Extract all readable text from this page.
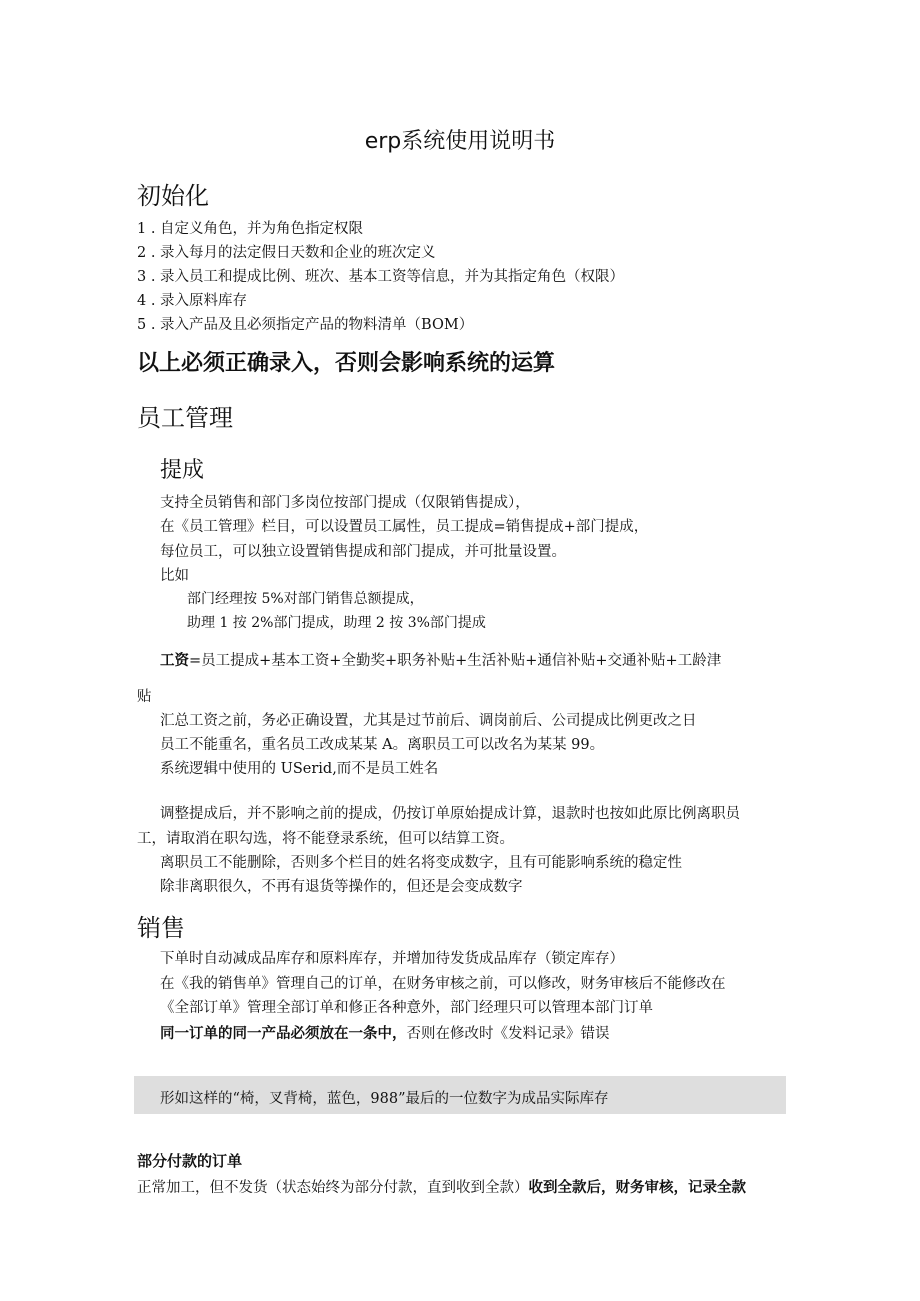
erp系统使用说明书
初始化
1 . 自定义角色，并为角色指定权限
2 . 录入每月的法定假日天数和企业的班次定义
3 . 录入员工和提成比例、班次、基本工资等信息，并为其指定角色（权限）
4 . 录入原料库存
5 . 录入产品及且必须指定产品的物料清单（BOM）
以上必须正确录入，否则会影响系统的运算
员工管理
提成
支持全员销售和部门多岗位按部门提成（仅限销售提成），
在《员工管理》栏目，可以设置员工属性，员工提成=销售提成+部门提成，
每位员工，可以独立设置销售提成和部门提成，并可批量设置。
比如
部门经理按 5%对部门销售总额提成，
助理 1 按 2%部门提成，助理 2 按 3%部门提成
工资=员工提成+基本工资+全勤奖+职务补贴+生活补贴+通信补贴+交通补贴+工龄津
贴
汇总工资之前，务必正确设置，尤其是过节前后、调岗前后、公司提成比例更改之日
员工不能重名，重名员工改成某某 A。离职员工可以改名为某某 99。
系统逻辑中使用的 USerid,而不是员工姓名
调整提成后，并不影响之前的提成，仍按订单原始提成计算，退款时也按如此原比例离职员
工，请取消在职勾选，将不能登录系统，但可以结算工资。
离职员工不能删除，否则多个栏目的姓名将变成数字，且有可能影响系统的稳定性
除非离职很久，不再有退货等操作的，但还是会变成数字
销售
下单时自动减成品库存和原料库存，并增加待发货成品库存（锁定库存）
在《我的销售单》管理自己的订单，在财务审核之前，可以修改，财务审核后不能修改在
《全部订单》管理全部订单和修正各种意外，部门经理只可以管理本部门订单
同一订单的同一产品必须放在一条中，否则在修改时《发料记录》错误
形如这样的“椅，叉背椅，蓝色，988”最后的一位数字为成品实际库存
部分付款的订单
正常加工，但不发货（状态始终为部分付款，直到收到全款）收到全款后，财务审核，记录全款
